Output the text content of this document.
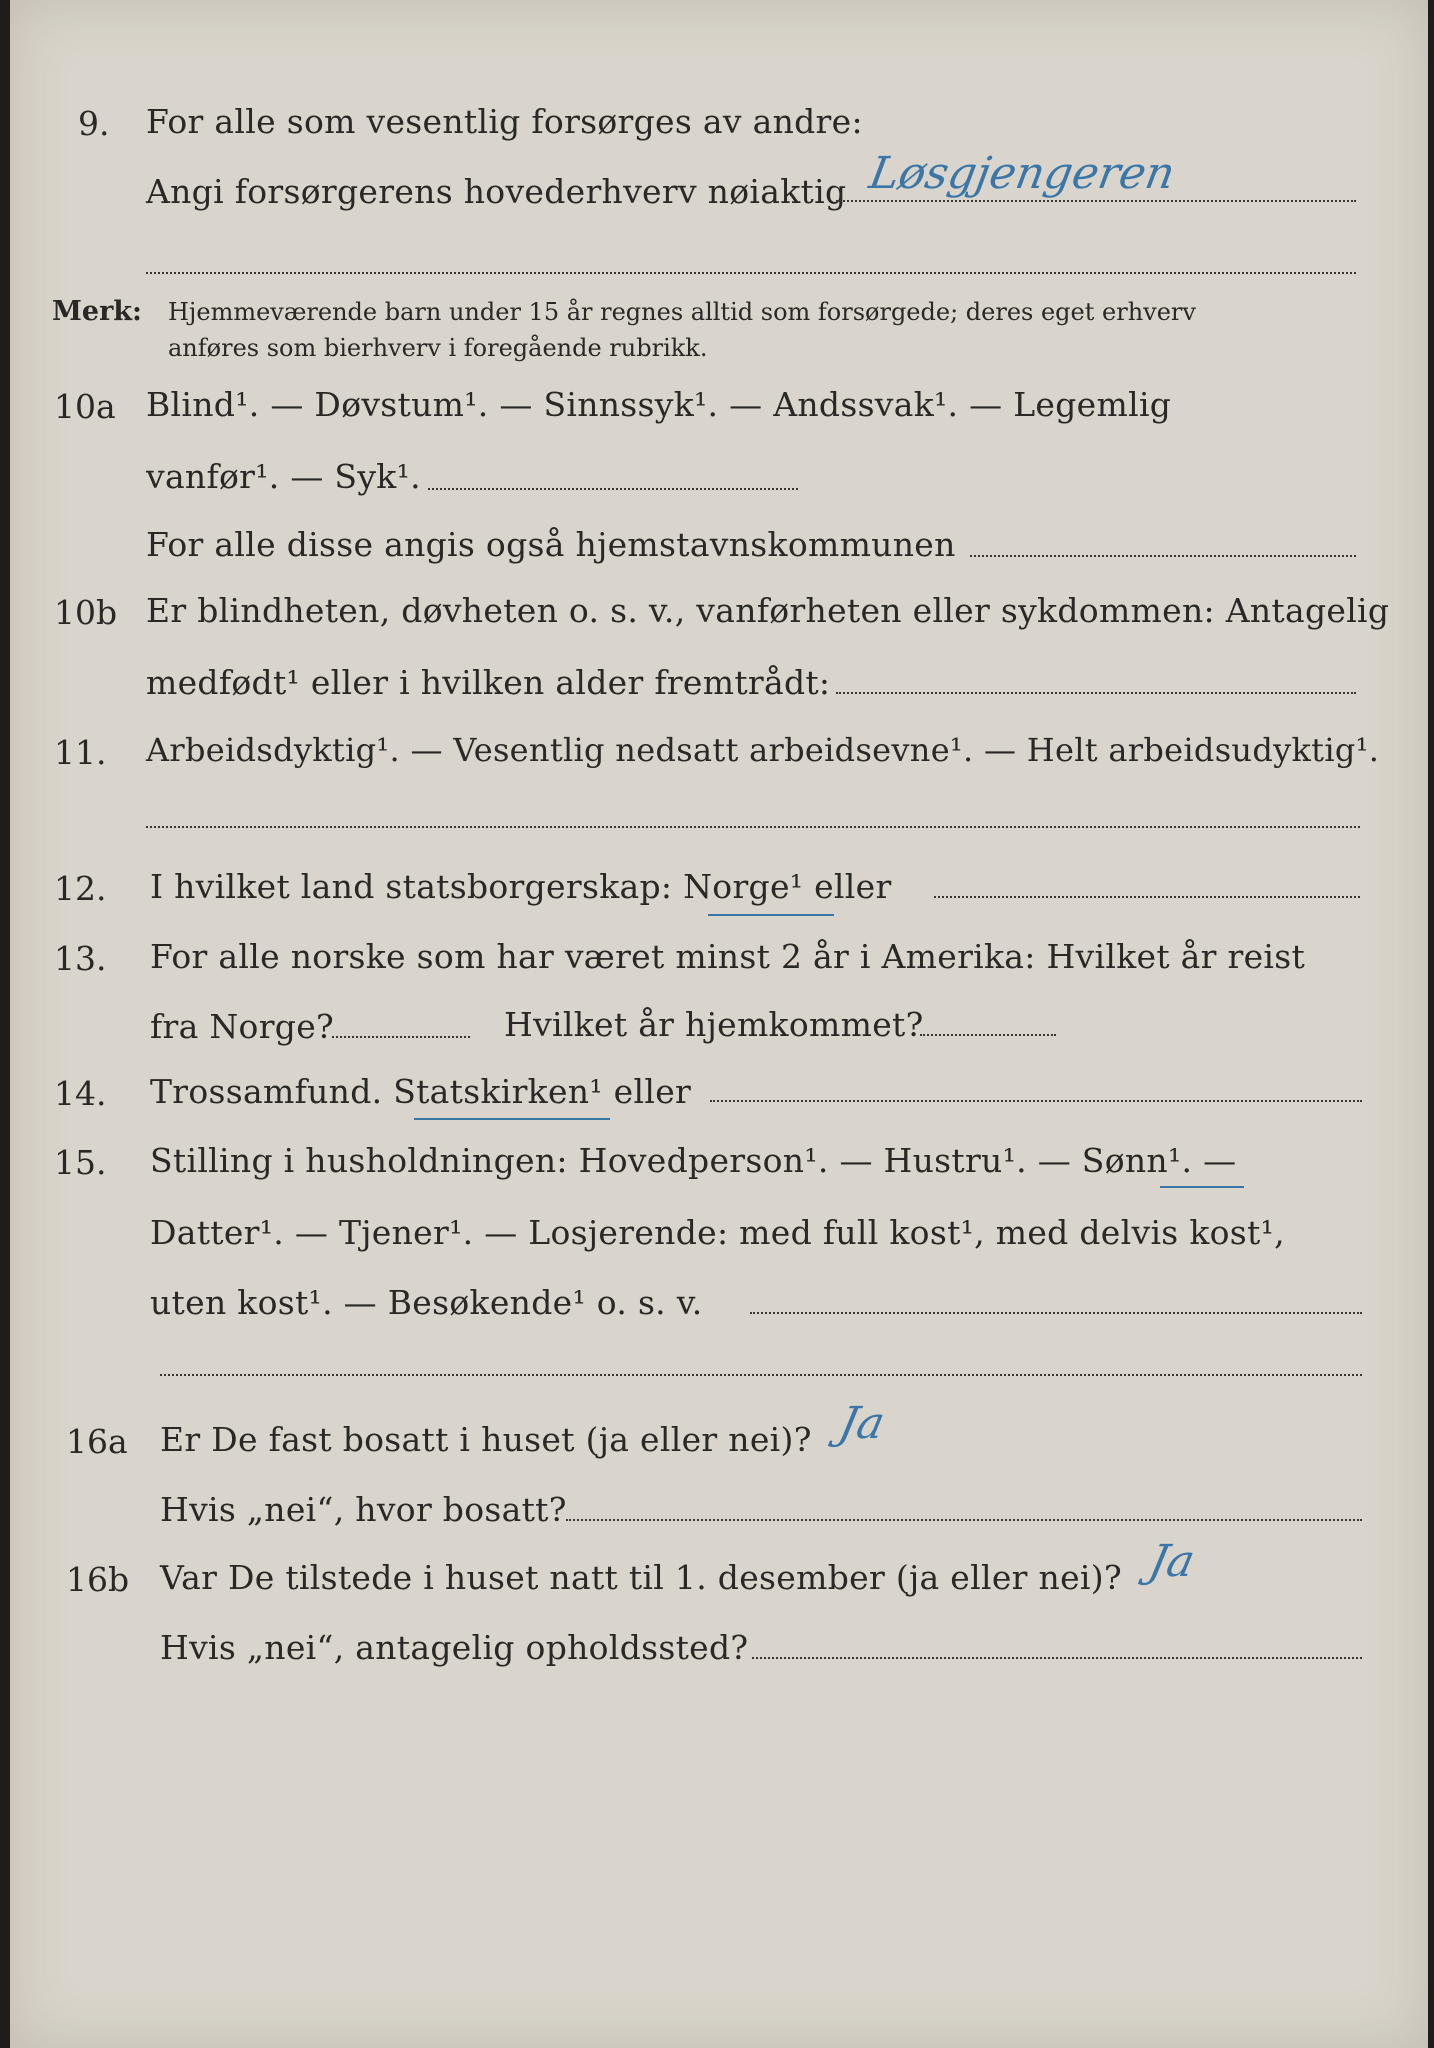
9. For alle som vesentlig forsørges av andre:
Angi forsørgerens hovederhverv nøiaktig Løsgjengeren
Merk: Hjemmeværende barn under 15 år regnes alltid som forsørgede; deres eget erhverv
anføres som bierhverv i foregående rubrikk.
10a Blind¹. — Døvstum¹. — Sinnssyk¹. — Andssvak¹. — Legemlig
vanfør¹. — Syk¹.
For alle disse angis også hjemstavnskommunen
10b Er blindheten, døvheten o. s. v., vanførheten eller sykdommen: Antagelig
medfødt¹ eller i hvilken alder fremtrådt:
11. Arbeidsdyktig¹. — Vesentlig nedsatt arbeidsevne¹. — Helt arbeidsudyktig¹.
12. I hvilket land statsborgerskap: Norge¹ eller
13. For alle norske som har været minst 2 år i Amerika: Hvilket år reist
fra Norge?	Hvilket år hjemkommet?
14. Trossamfund. Statskirken¹ eller
15. Stilling i husholdningen: Hovedperson¹. — Hustru¹. — Sønn¹. —
Datter¹. — Tjener¹. — Losjerende: med full kost¹, med delvis kost¹,
uten kost¹. — Besøkende¹ o. s. v.
16a Er De fast bosatt i huset (ja eller nei)? Ja
Hvis „nei“, hvor bosatt?
16b Var De tilstede i huset natt til 1. desember (ja eller nei)? Ja
Hvis „nei“, antagelig opholdssted?
